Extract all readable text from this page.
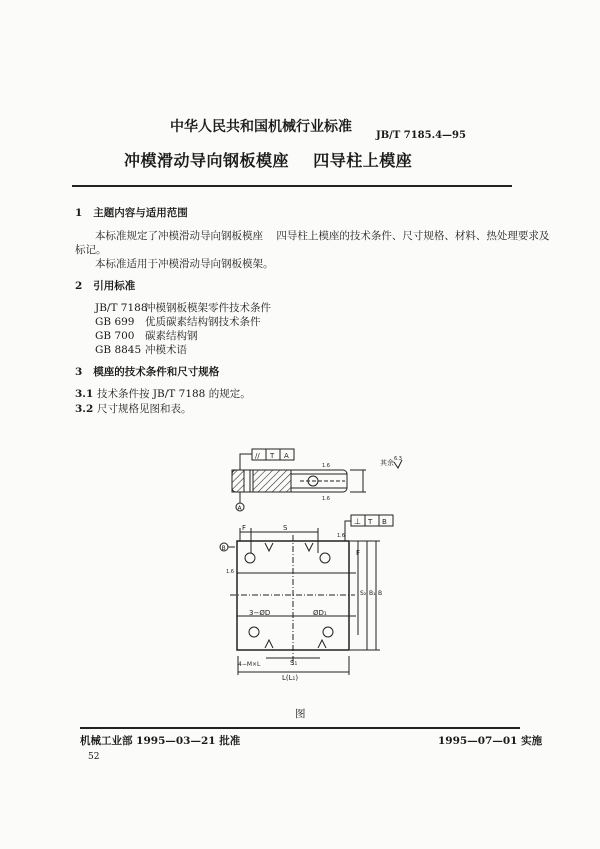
中华人民共和国机械行业标准
JB/T 7185.4—95
冲模滑动导向钢板模座    四导柱上模座
1 主题内容与适用范围
本标准规定了冲模滑动导向钢板模座    四导柱上模座的技术条件、尺寸规格、材料、热处理要求及
标记。
本标准适用于冲模滑动导向钢板模架。
2 引用标准
JB/T 7188冲模钢板模架零件技术条件
GB 699 优质碳素结构钢技术条件
GB 700 碳素结构钢
GB 8845 冲模术语
3 模座的技术条件和尺寸规格
3.1 技术条件按 JB/T 7188 的规定。
3.2 尺寸规格见图和表。
// T A
A
1.6
1.6
其余 6.3
⊥ T B
B
1.6
1.6
F	S
F
S₂ B₁ B
3−ØD	ØD₁
4−M×L	S₁
L(L₁)
图
机械工业部 1995—03—21 批准	1995—07—01 实施
52
